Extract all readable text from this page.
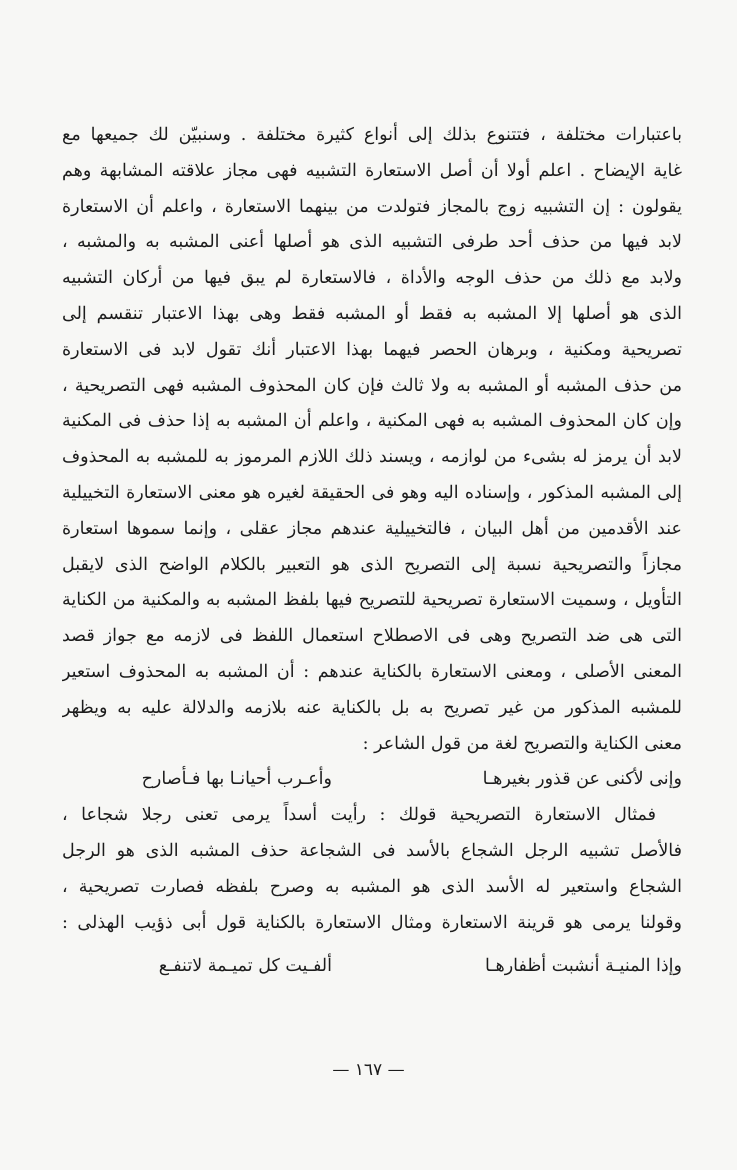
باعتبارات مختلفة ، فتتنوع بذلك إلى أنواع كثيرة مختلفة . وسنبيّن لك جميعها مع
غاية الإيضاح . اعلم أولا أن أصل الاستعارة التشبيه فهى مجاز علاقته المشابهة وهم
يقولون : إن التشبيه زوج بالمجاز فتولدت من بينهما الاستعارة ، واعلم أن الاستعارة
لابد فيها من حذف أحد طرفى التشبيه الذى هو أصلها أعنى المشبه به والمشبه ،
ولابد مع ذلك من حذف الوجه والأداة ، فالاستعارة لم يبق فيها من أركان التشبيه
الذى هو أصلها إلا المشبه به فقط أو المشبه فقط وهى بهذا الاعتبار تنقسم إلى
تصريحية ومكنية ، وبرهان الحصر فيهما بهذا الاعتبار أنك تقول لابد فى الاستعارة
من حذف المشبه أو المشبه به ولا ثالث فإن كان المحذوف المشبه فهى التصريحية ،
وإن كان المحذوف المشبه به فهى المكنية ، واعلم أن المشبه به إذا حذف فى المكنية
لابد أن يرمز له بشىء من لوازمه ، ويسند ذلك اللازم المرموز به للمشبه به المحذوف
إلى المشبه المذكور ، وإسناده اليه وهو فى الحقيقة لغيره هو معنى الاستعارة التخييلية
عند الأقدمين من أهل البيان ، فالتخييلية عندهم مجاز عقلى ، وإنما سموها استعارة
مجازاً والتصريحية نسبة إلى التصريح الذى هو التعبير بالكلام الواضح الذى لايقبل
التأويل ، وسميت الاستعارة تصريحية للتصريح فيها بلفظ المشبه به والمكنية من الكناية
التى هى ضد التصريح وهى فى الاصطلاح استعمال اللفظ فى لازمه مع جواز قصد
المعنى الأصلى ، ومعنى الاستعارة بالكناية عندهم : أن المشبه به المحذوف استعير
للمشبه المذكور من غير تصريح به بل بالكناية عنه بلازمه والدلالة عليه به ويظهر
معنى الكناية والتصريح لغة من قول الشاعر :
وإنى لأكنى عن قذور بغيرهـا
وأعـرب أحيانـا بها فـأصارح
فمثال الاستعارة التصريحية قولك : رأيت أسداً يرمى تعنى رجلا شجاعا ،
فالأصل تشبيه الرجل الشجاع بالأسد فى الشجاعة حذف المشبه الذى هو الرجل
الشجاع واستعير له الأسد الذى هو المشبه به وصرح بلفظه فصارت تصريحية ،
وقولنا يرمى هو قرينة الاستعارة ومثال الاستعارة بالكناية قول أبى ذؤيب الهذلى :
وإذا المنيـة أنشبت أظفارهـا
ألفـيت كل تميـمة لاتنفـع
— ١٦٧ —
